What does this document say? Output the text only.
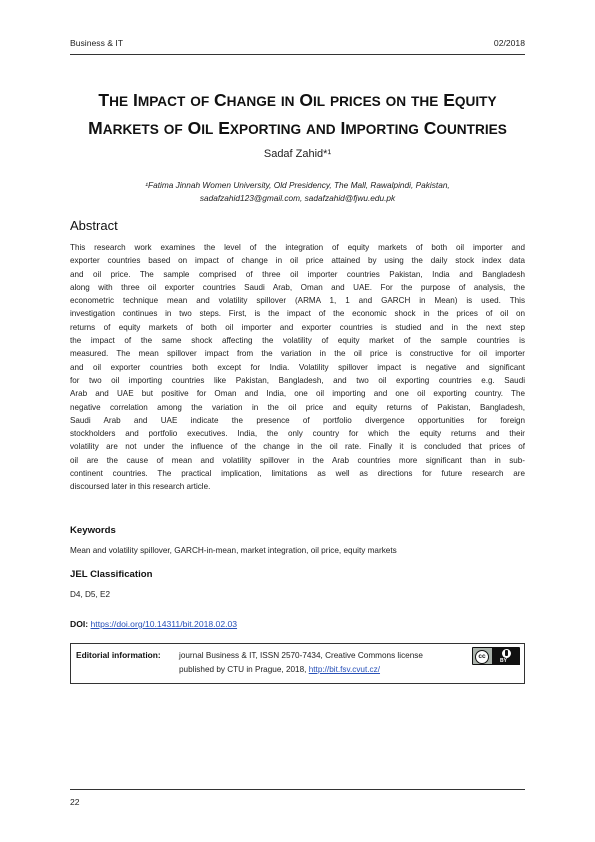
Business & IT	02/2018
THE IMPACT OF CHANGE IN OIL PRICES ON THE EQUITY
MARKETS OF OIL EXPORTING AND IMPORTING COUNTRIES
Sadaf Zahid*¹
¹Fatima Jinnah Women University, Old Presidency, The Mall, Rawalpindi, Pakistan,
sadafzahid123@gmail.com, sadafzahid@fjwu.edu.pk
Abstract
This research work examines the level of the integration of equity markets of both oil importer and
exporter countries based on impact of change in oil price attained by using the daily stock index data
and oil price. The sample comprised of three oil importer countries Pakistan, India and Bangladesh
along with three oil exporter countries Saudi Arab, Oman and UAE. For the purpose of analysis, the
econometric technique mean and volatility spillover (ARMA 1, 1 and GARCH in Mean) is used. This
investigation continues in two steps. First, is the impact of the economic shock in the prices of oil on
returns of equity markets of both oil importer and exporter countries is studied and in the next step
the impact of the same shock affecting the volatility of equity market of the sample countries is
measured. The mean spillover impact from the variation in the oil price is constructive for oil importer
and oil exporter countries both except for India. Volatility spillover impact is negative and significant
for two oil importing countries like Pakistan, Bangladesh, and two oil exporting countries e.g. Saudi
Arab and UAE but positive for Oman and India, one oil importing and one oil exporting country. The
negative correlation among the variation in the oil price and equity returns of Pakistan, Bangladesh,
Saudi Arab and UAE indicate the presence of portfolio divergence opportunities for foreign
stockholders and portfolio executives. India, the only country for which the equity returns and their
volatility are not under the influence of the change in the oil rate. Finally it is concluded that prices of
oil are the cause of mean and volatility spillover in the Arab countries more significant than in sub-
continent countries. The practical implication, limitations as well as directions for future research are
discoursed later in this research article.
Keywords
Mean and volatility spillover, GARCH-in-mean, market integration, oil price, equity markets
JEL Classification
D4, D5, E2
DOI: https://doi.org/10.14311/bit.2018.02.03
Editorial information: journal Business & IT, ISSN 2570-7434, Creative Commons license
published by CTU in Prague, 2018, http://bit.fsv.cvut.cz/
cc
BY
22
